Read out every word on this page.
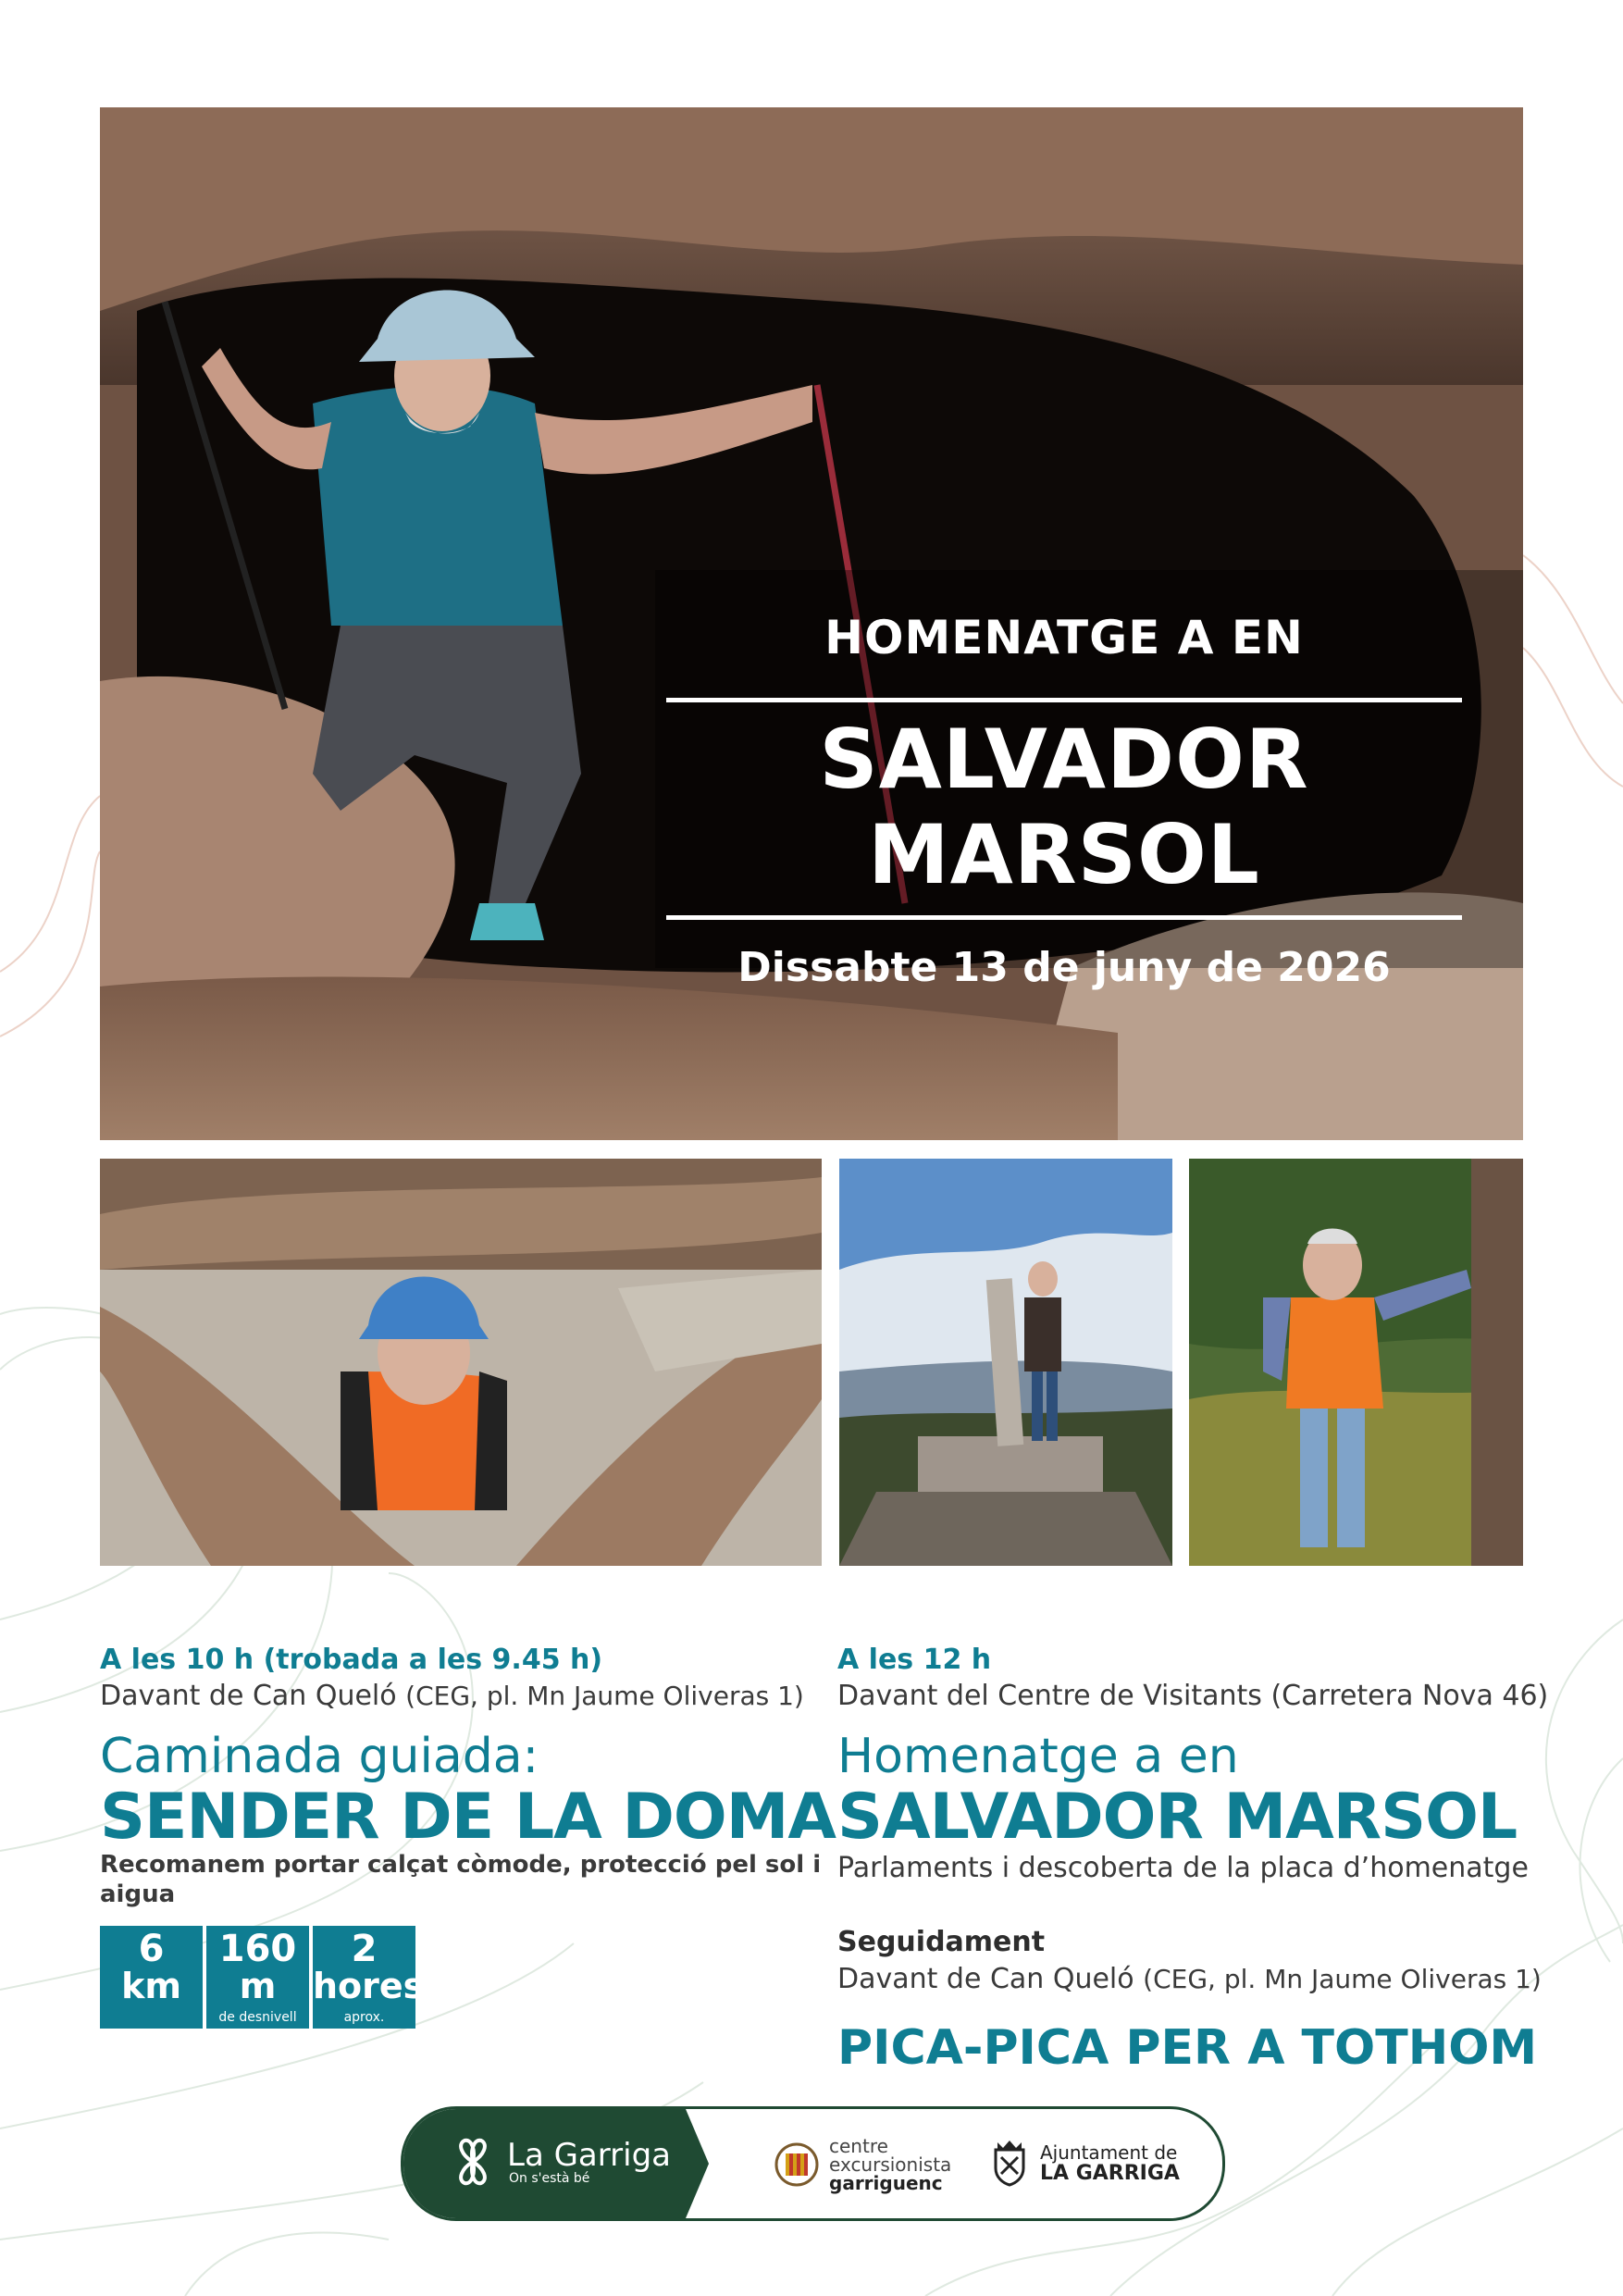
HOMENATGE A EN
SALVADOR MARSOL
Dissabte 13 de juny de 2026
A les 10 h (trobada a les 9.45 h)
Davant de Can Queló (CEG, pl. Mn Jaume Oliveras 1)
Caminada guiada:
SENDER DE LA DOMA
Recomanem portar calçat còmode, protecció pel sol i aigua
6
km
160
m
de desnivell
2
hores
aprox.
A les 12 h
Davant del Centre de Visitants (Carretera Nova 46)
Homenatge a en
SALVADOR MARSOL
Parlaments i descoberta de la placa d’homenatge
Seguidament
Davant de Can Queló (CEG, pl. Mn Jaume Oliveras 1)
PICA-PICA PER A TOTHOM
La Garriga
On s'està bé
centre
excursionista
garriguenc
Ajuntament de
LA GARRIGA
